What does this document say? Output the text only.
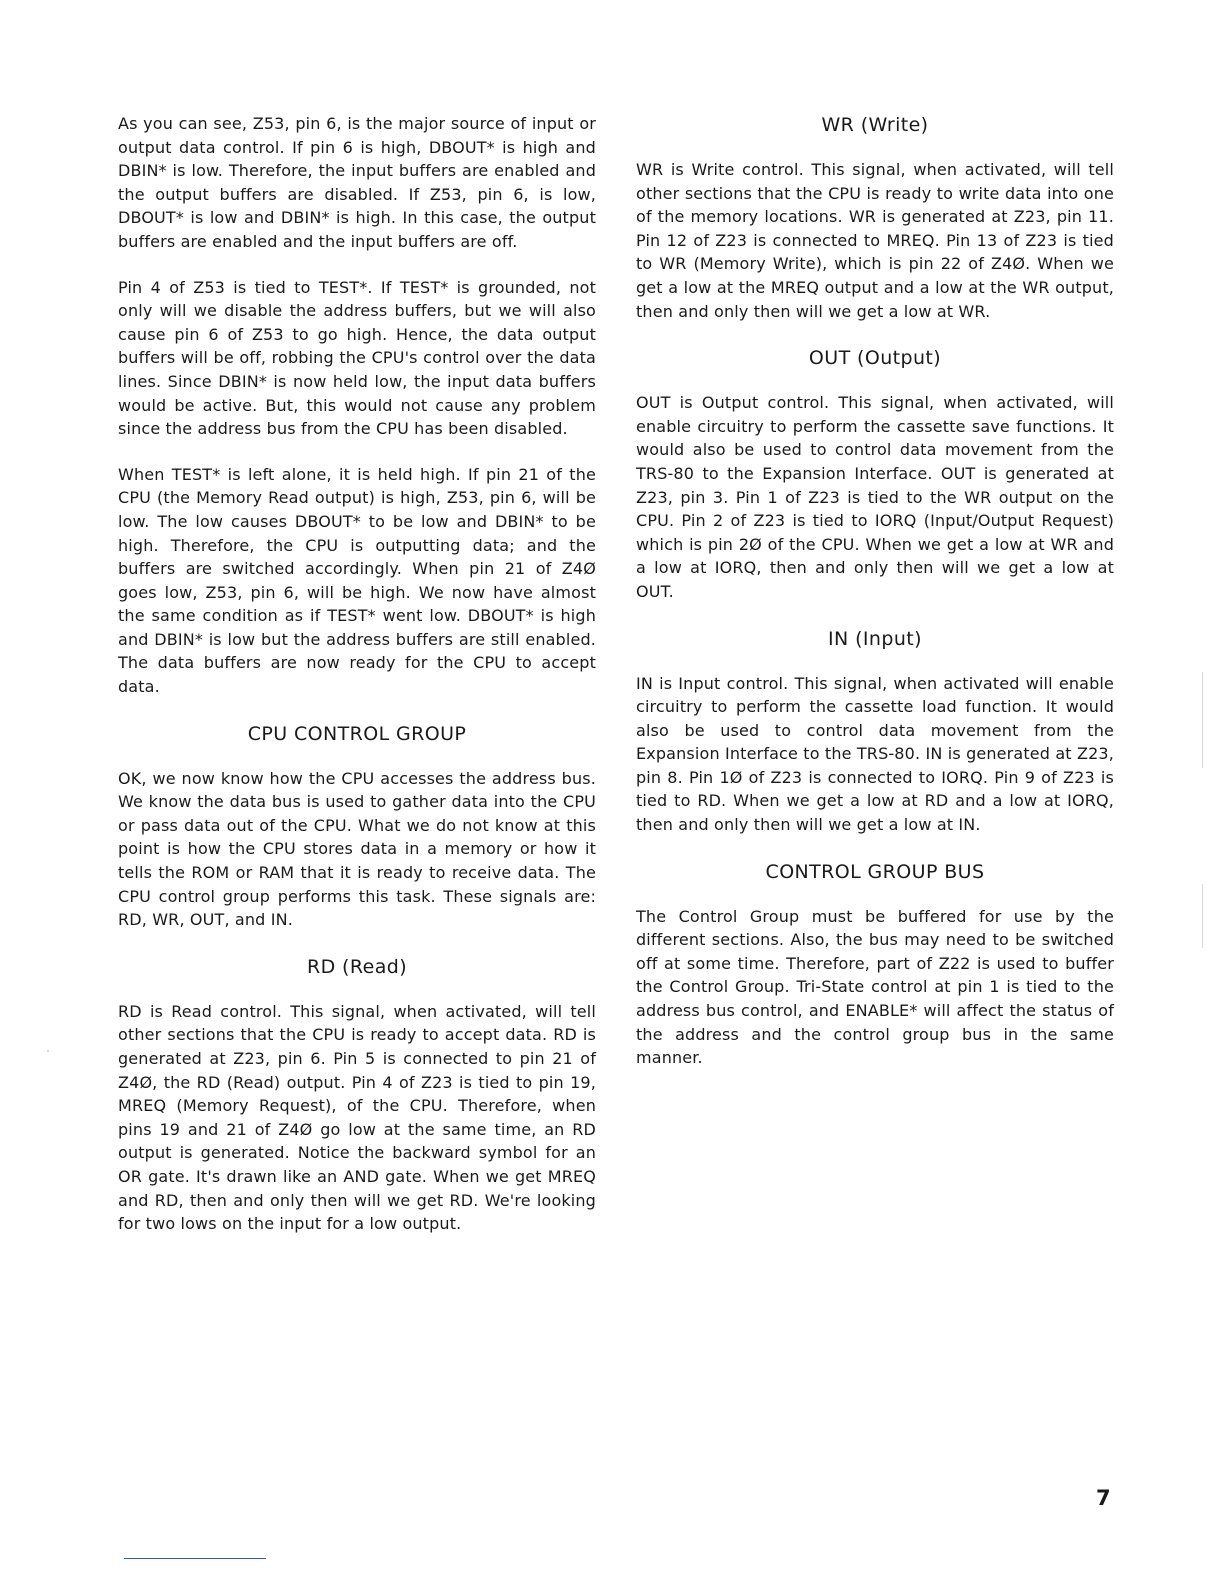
As you can see, Z53, pin 6, is the major source of input or output data control. If pin 6 is high, DBOUT* is high and DBIN* is low. Therefore, the input buffers are enabled and the output buffers are disabled. If Z53, pin 6, is low, DBOUT* is low and DBIN* is high. In this case, the output buffers are enabled and the input buffers are off.

Pin 4 of Z53 is tied to TEST*. If TEST* is grounded, not only will we disable the address buffers, but we will also cause pin 6 of Z53 to go high. Hence, the data output buffers will be off, robbing the CPU's control over the data lines. Since DBIN* is now held low, the input data buffers would be active. But, this would not cause any problem since the address bus from the CPU has been disabled.

When TEST* is left alone, it is held high. If pin 21 of the CPU (the Memory Read output) is high, Z53, pin 6, will be low. The low causes DBOUT* to be low and DBIN* to be high. Therefore, the CPU is outputting data; and the buffers are switched accordingly. When pin 21 of Z4Ø goes low, Z53, pin 6, will be high. We now have almost the same condition as if TEST* went low. DBOUT* is high and DBIN* is low but the address buffers are still enabled. The data buffers are now ready for the CPU to accept data.

CPU CONTROL GROUP

OK, we now know how the CPU accesses the address bus. We know the data bus is used to gather data into the CPU or pass data out of the CPU. What we do not know at this point is how the CPU stores data in a memory or how it tells the ROM or RAM that it is ready to receive data. The CPU control group performs this task. These signals are: RD, WR, OUT, and IN.

RD (Read)

RD is Read control. This signal, when activated, will tell other sections that the CPU is ready to accept data. RD is generated at Z23, pin 6. Pin 5 is connected to pin 21 of Z4Ø, the RD (Read) output. Pin 4 of Z23 is tied to pin 19, MREQ (Memory Request), of the CPU. Therefore, when pins 19 and 21 of Z4Ø go low at the same time, an RD output is generated. Notice the backward symbol for an OR gate. It's drawn like an AND gate. When we get MREQ and RD, then and only then will we get RD. We're looking for two lows on the input for a low output.

WR (Write)

WR is Write control. This signal, when activated, will tell other sections that the CPU is ready to write data into one of the memory locations. WR is generated at Z23, pin 11. Pin 12 of Z23 is connected to MREQ. Pin 13 of Z23 is tied to WR (Memory Write), which is pin 22 of Z4Ø. When we get a low at the MREQ output and a low at the WR output, then and only then will we get a low at WR.

OUT (Output)

OUT is Output control. This signal, when activated, will enable circuitry to perform the cassette save functions. It would also be used to control data movement from the TRS-80 to the Expansion Interface. OUT is generated at Z23, pin 3. Pin 1 of Z23 is tied to the WR output on the CPU. Pin 2 of Z23 is tied to IORQ (Input/Output Request) which is pin 2Ø of the CPU. When we get a low at WR and a low at IORQ, then and only then will we get a low at OUT.

IN (Input)

IN is Input control. This signal, when activated will enable circuitry to perform the cassette load function. It would also be used to control data movement from the Expansion Interface to the TRS-80. IN is generated at Z23, pin 8. Pin 1Ø of Z23 is connected to IORQ. Pin 9 of Z23 is tied to RD. When we get a low at RD and a low at IORQ, then and only then will we get a low at IN.

CONTROL GROUP BUS

The Control Group must be buffered for use by the different sections. Also, the bus may need to be switched off at some time. Therefore, part of Z22 is used to buffer the Control Group. Tri-State control at pin 1 is tied to the address bus control, and ENABLE* will affect the status of the address and the control group bus in the same manner.

7
